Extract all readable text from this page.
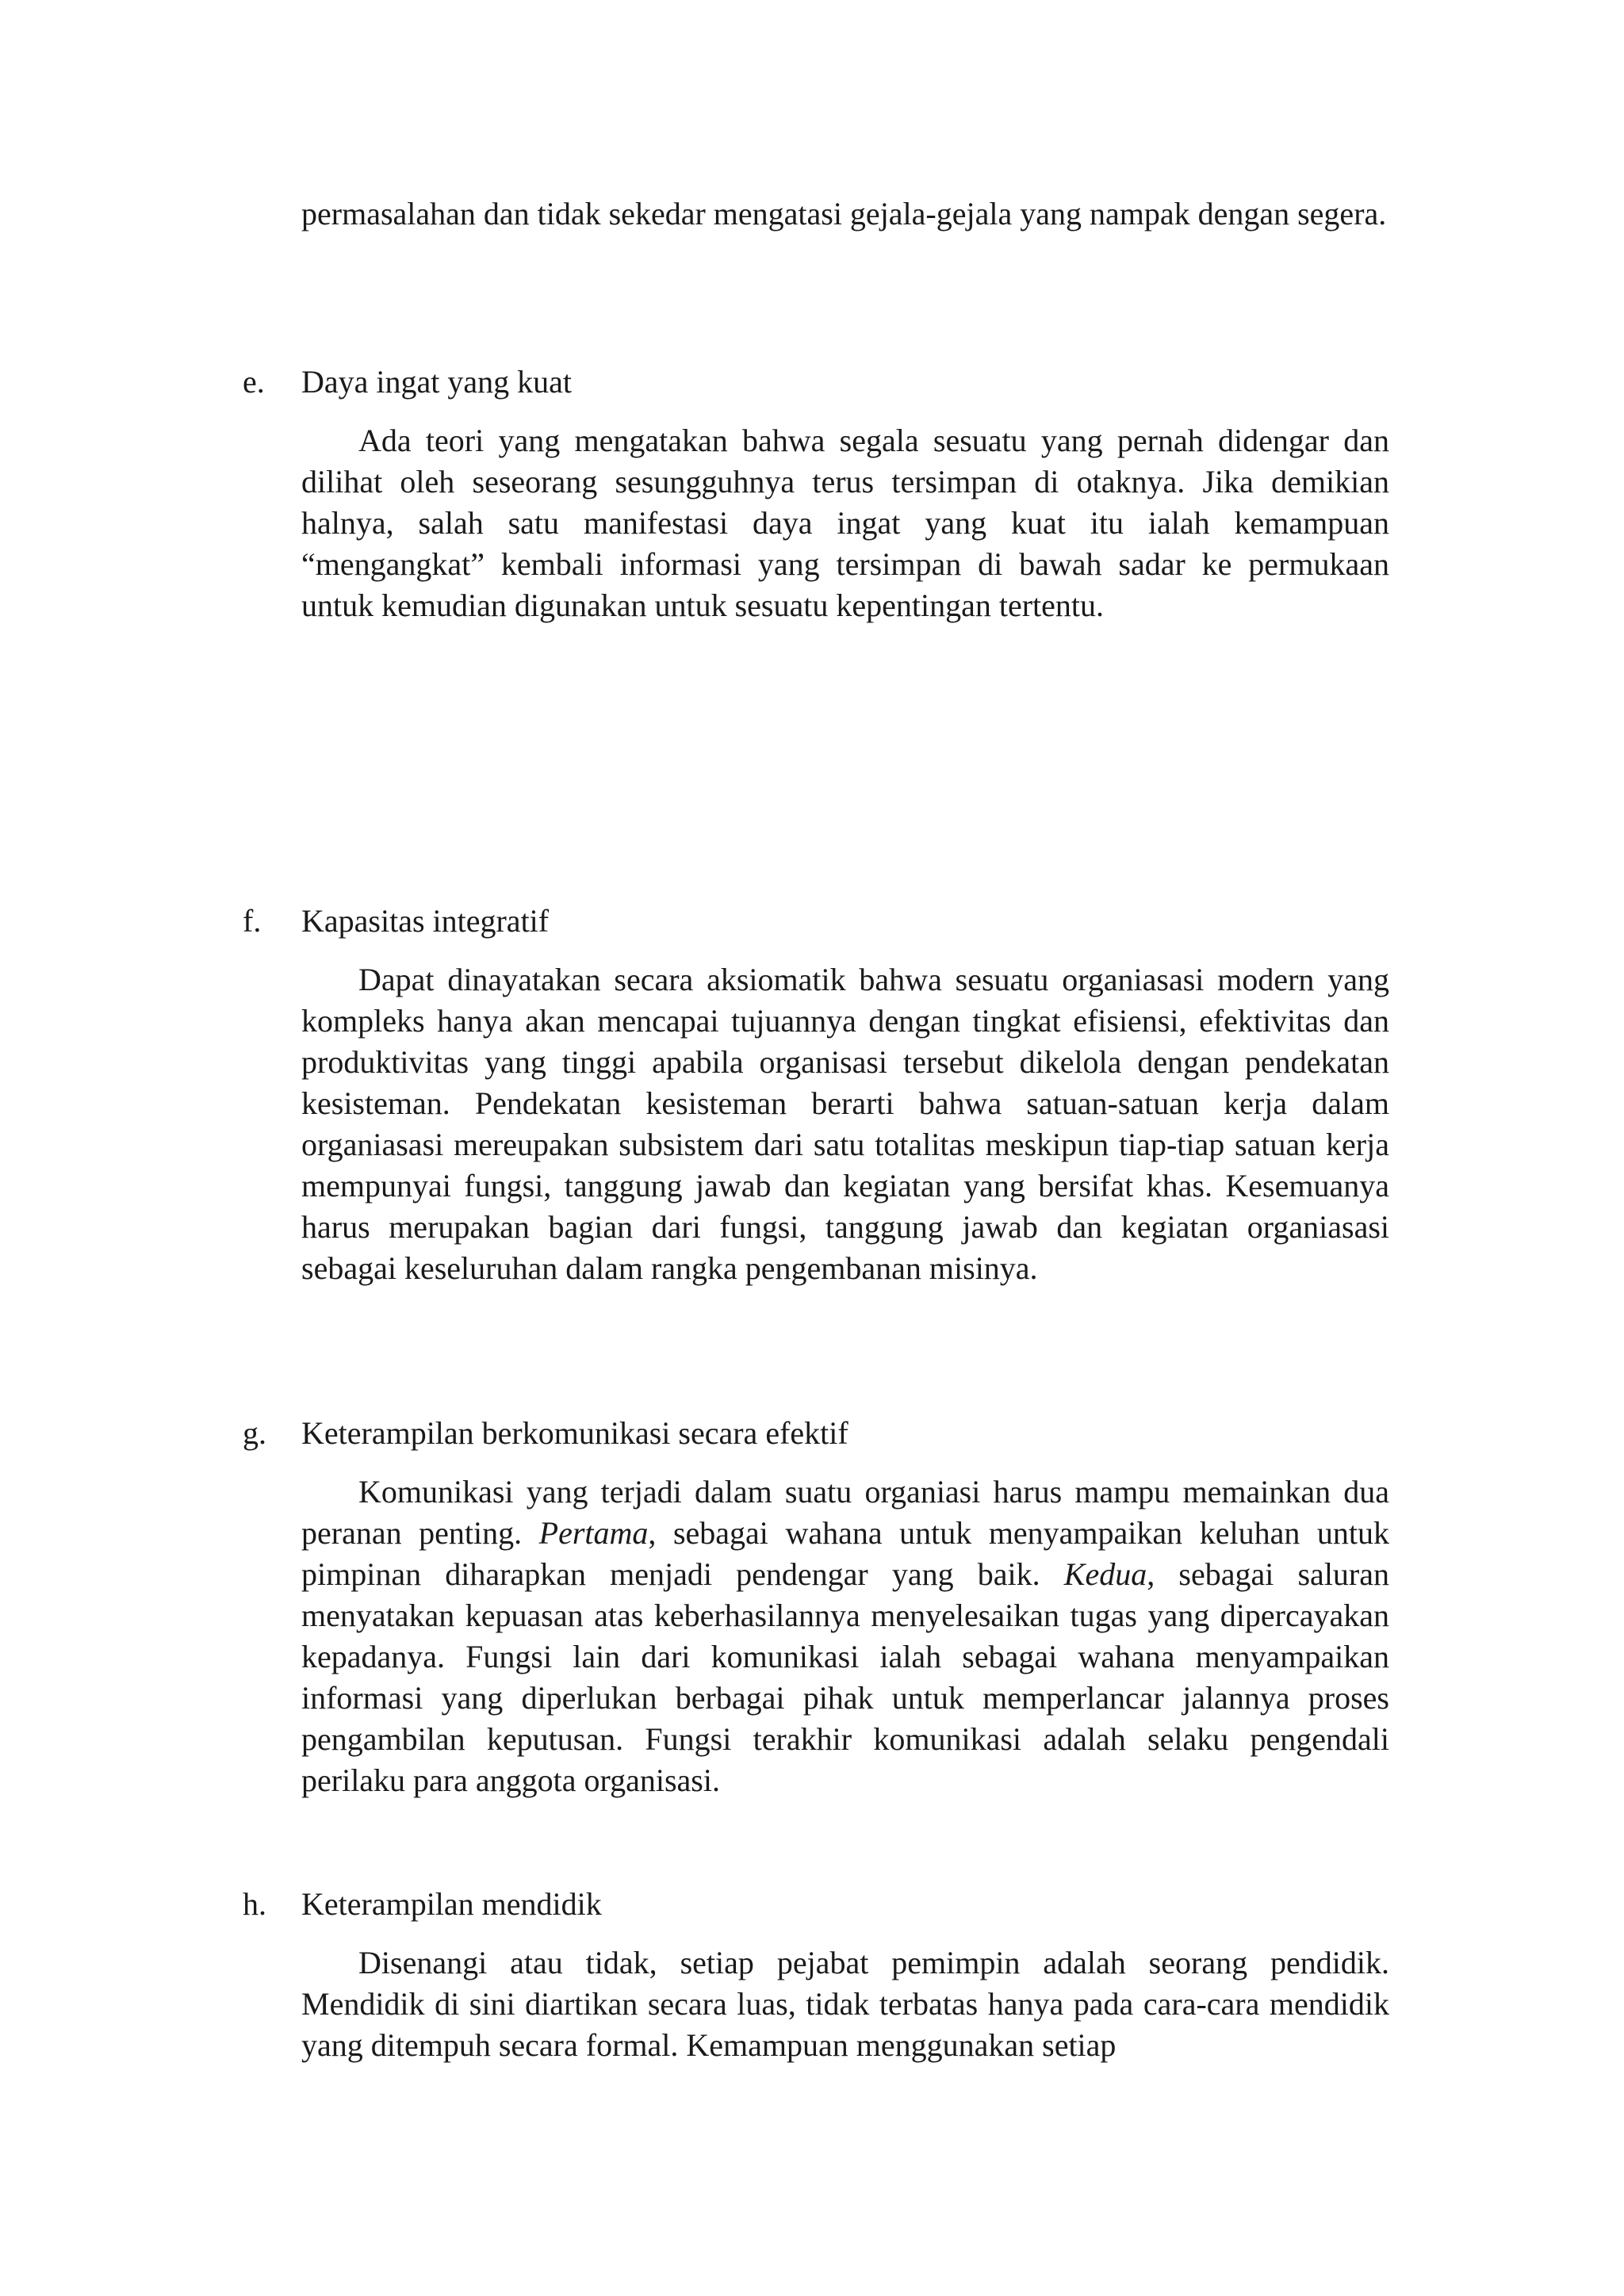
permasalahan dan tidak sekedar mengatasi gejala-gejala yang nampak dengan segera.

e. Daya ingat yang kuat

Ada teori yang mengatakan bahwa segala sesuatu yang pernah didengar dan dilihat oleh seseorang sesungguhnya terus tersimpan di otaknya. Jika demikian halnya, salah satu manifestasi daya ingat yang kuat itu ialah kemampuan “mengangkat” kembali informasi yang tersimpan di bawah sadar ke permukaan untuk kemudian digunakan untuk sesuatu kepentingan tertentu.

f. Kapasitas integratif

Dapat dinayatakan secara aksiomatik bahwa sesuatu organiasasi modern yang kompleks hanya akan mencapai tujuannya dengan tingkat efisiensi, efektivitas dan produktivitas yang tinggi apabila organisasi tersebut dikelola dengan pendekatan kesisteman. Pendekatan kesisteman berarti bahwa satuan-satuan kerja dalam organiasasi mereupakan subsistem dari satu totalitas meskipun tiap-tiap satuan kerja mempunyai fungsi, tanggung jawab dan kegiatan yang bersifat khas. Kesemuanya harus merupakan bagian dari fungsi, tanggung jawab dan kegiatan organiasasi sebagai keseluruhan dalam rangka pengembanan misinya.

g. Keterampilan berkomunikasi secara efektif

Komunikasi yang terjadi dalam suatu organiasi harus mampu memainkan dua peranan penting. Pertama, sebagai wahana untuk menyampaikan keluhan untuk pimpinan diharapkan menjadi pendengar yang baik. Kedua, sebagai saluran menyatakan kepuasan atas keberhasilannya menyelesaikan tugas yang dipercayakan kepadanya. Fungsi lain dari komunikasi ialah sebagai wahana menyampaikan informasi yang diperlukan berbagai pihak untuk memperlancar jalannya proses pengambilan keputusan. Fungsi terakhir komunikasi adalah selaku pengendali perilaku para anggota organisasi.

h. Keterampilan mendidik

Disenangi atau tidak, setiap pejabat pemimpin adalah seorang pendidik. Mendidik di sini diartikan secara luas, tidak terbatas hanya pada cara-cara mendidik yang ditempuh secara formal. Kemampuan menggunakan setiap
